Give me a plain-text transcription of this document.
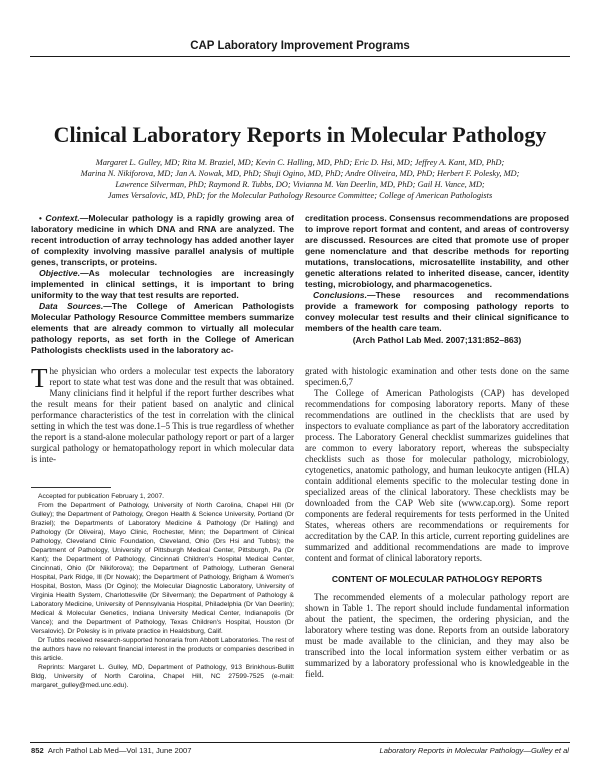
CAP Laboratory Improvement Programs
Clinical Laboratory Reports in Molecular Pathology
Margaret L. Gulley, MD; Rita M. Braziel, MD; Kevin C. Halling, MD, PhD; Eric D. Hsi, MD; Jeffrey A. Kant, MD, PhD;
Marina N. Nikiforova, MD; Jan A. Nowak, MD, PhD; Shuji Ogino, MD, PhD; Andre Oliveira, MD, PhD; Herbert F. Polesky, MD;
Lawrence Silverman, PhD; Raymond R. Tubbs, DO; Vivianna M. Van Deerlin, MD, PhD; Gail H. Vance, MD;
James Versalovic, MD, PhD; for the Molecular Pathology Resource Committee; College of American Pathologists

• Context.—Molecular pathology is a rapidly growing area of laboratory medicine in which DNA and RNA are analyzed. The recent introduction of array technology has added another layer of complexity involving massive parallel analysis of multiple genes, transcripts, or proteins.

Objective.—As molecular technologies are increasingly implemented in clinical settings, it is important to bring uniformity to the way that test results are reported.

Data Sources.—The College of American Pathologists Molecular Pathology Resource Committee members summarize elements that are already common to virtually all molecular pathology reports, as set forth in the College of American Pathologists checklists used in the laboratory ac-

creditation process. Consensus recommendations are proposed to improve report format and content, and areas of controversy are discussed. Resources are cited that promote use of proper gene nomenclature and that describe methods for reporting mutations, translocations, microsatellite instability, and other genetic alterations related to inherited disease, cancer, identity testing, microbiology, and pharmacogenetics.

Conclusions.—These resources and recommendations provide a framework for composing pathology reports to convey molecular test results and their clinical significance to members of the health care team.

(Arch Pathol Lab Med. 2007;131:852–863)

The physician who orders a molecular test expects the laboratory report to state what test was done and the result that was obtained. Many clinicians find it helpful if the report further describes what the result means for their patient based on analytic and clinical performance characteristics of the test in correlation with the clinical setting in which the test was done.1–5 This is true regardless of whether the report is a stand-alone molecular pathology report or part of a larger surgical pathology or hematopathology report in which molecular data is inte-

Accepted for publication February 1, 2007.

From the Department of Pathology, University of North Carolina, Chapel Hill (Dr Gulley); the Department of Pathology, Oregon Health & Science University, Portland (Dr Braziel); the Departments of Laboratory Medicine & Pathology (Dr Halling) and Pathology (Dr Oliveira), Mayo Clinic, Rochester, Minn; the Department of Clinical Pathology, Cleveland Clinic Foundation, Cleveland, Ohio (Drs Hsi and Tubbs); the Department of Pathology, University of Pittsburgh Medical Center, Pittsburgh, Pa (Dr Kant); the Department of Pathology, Cincinnati Children's Hospital Medical Center, Cincinnati, Ohio (Dr Nikiforova); the Department of Pathology, Lutheran General Hospital, Park Ridge, Ill (Dr Nowak); the Department of Pathology, Brigham & Women's Hospital, Boston, Mass (Dr Ogino); the Molecular Diagnostic Laboratory, University of Virginia Health System, Charlottesville (Dr Silverman); the Department of Pathology & Laboratory Medicine, University of Pennsylvania Hospital, Philadelphia (Dr Van Deerlin); Medical & Molecular Genetics, Indiana University Medical Center, Indianapolis (Dr Vance); and the Department of Pathology, Texas Children's Hospital, Houston (Dr Versalovic). Dr Polesky is in private practice in Healdsburg, Calif.

Dr Tubbs received research-supported honoraria from Abbott Laboratories. The rest of the authors have no relevant financial interest in the products or companies described in this article.

Reprints: Margaret L. Gulley, MD, Department of Pathology, 913 Brinkhous-Bullitt Bldg, University of North Carolina, Chapel Hill, NC 27599-7525 (e-mail: margaret_gulley@med.unc.edu).

grated with histologic examination and other tests done on the same specimen.6,7

The College of American Pathologists (CAP) has developed recommendations for composing laboratory reports. Many of these recommendations are outlined in the checklists that are used by inspectors to evaluate compliance as part of the laboratory accreditation process. The Laboratory General checklist summarizes guidelines that are common to every laboratory report, whereas the subspecialty checklists such as those for molecular pathology, microbiology, cytogenetics, anatomic pathology, and human leukocyte antigen (HLA) contain additional elements specific to the molecular testing done in specialized areas of the clinical laboratory. These checklists may be downloaded from the CAP Web site (www.cap.org). Some report components are federal requirements for tests performed in the United States, whereas others are recommendations or requirements for accreditation by the CAP. In this article, current reporting guidelines are summarized and additional recommendations are made to improve content and format of clinical laboratory reports.

CONTENT OF MOLECULAR PATHOLOGY REPORTS

The recommended elements of a molecular pathology report are shown in Table 1. The report should include fundamental information about the patient, the specimen, the ordering physician, and the laboratory where testing was done. Reports from an outside laboratory must be made available to the clinician, and they may also be transcribed into the local information system either verbatim or as summarized by a laboratory professional who is knowledgeable in the field.

852 Arch Pathol Lab Med—Vol 131, June 2007	Laboratory Reports in Molecular Pathology—Gulley et al
